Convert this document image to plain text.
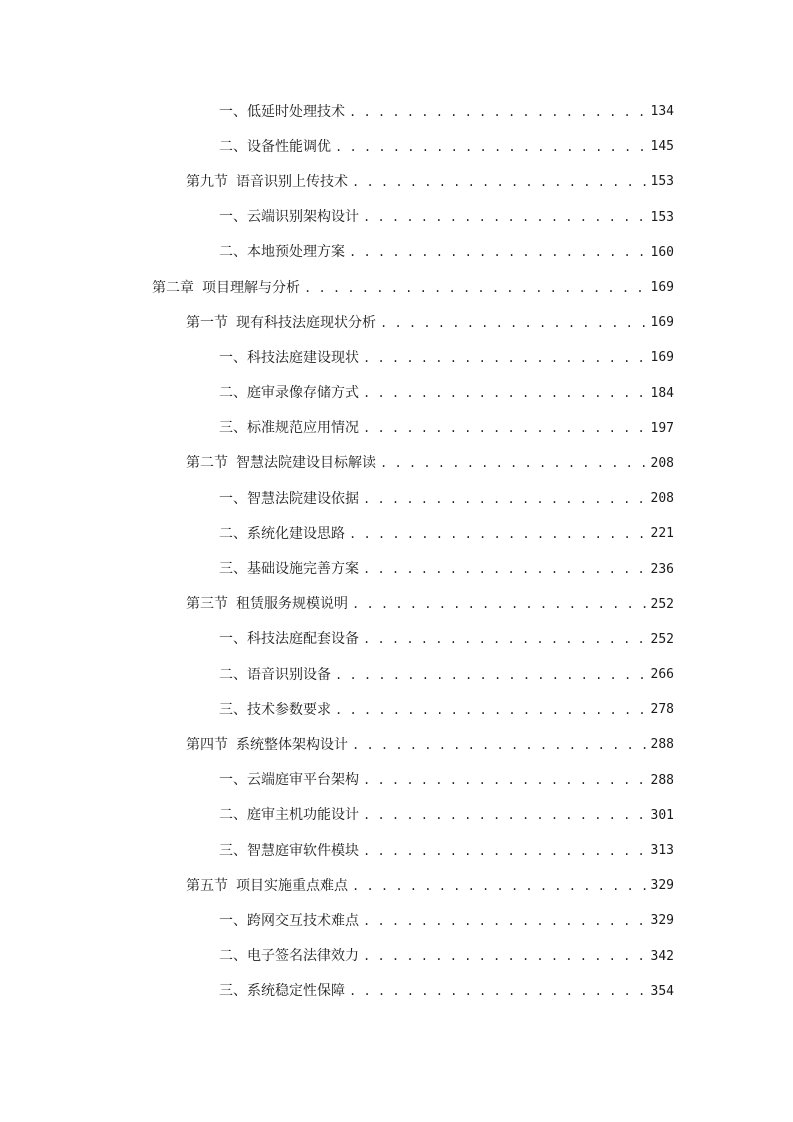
一、 低延时处理技术 . . .	134
二、 设备性能调优 . . .	145
第九节 语音识别上传技术 . . .	153
一、 云端识别架构设计 . . .	153
二、 本地预处理方案 . . .	160
第二章 项目理解与分析 . . .	169
第一节 现有科技法庭现状分析 . . .	169
一、 科技法庭建设现状 . . .	169
二、 庭审录像存储方式 . . .	184
三、 标准规范应用情况 . . .	197
第二节 智慧法院建设目标解读 . . .	208
一、 智慧法院建设依据 . . .	208
二、 系统化建设思路 . . .	221
三、 基础设施完善方案 . . .	236
第三节 租赁服务规模说明 . . .	252
一、 科技法庭配套设备 . . .	252
二、 语音识别设备 . . .	266
三、 技术参数要求 . . .	278
第四节 系统整体架构设计 . . .	288
一、 云端庭审平台架构 . . .	288
二、 庭审主机功能设计 . . .	301
三、 智慧庭审软件模块 . . .	313
第五节 项目实施重点难点 . . .	329
一、 跨网交互技术难点 . . .	329
二、 电子签名法律效力 . . .	342
三、 系统稳定性保障 . . .	354
